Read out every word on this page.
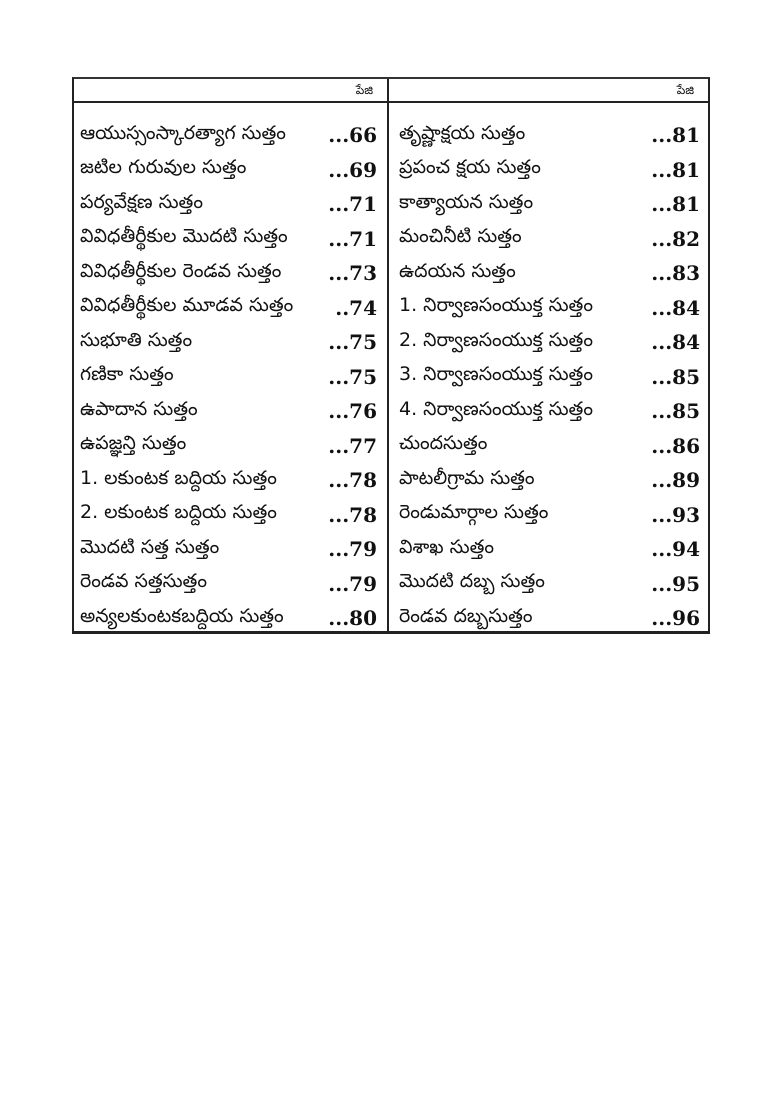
పేజి
ఆయుస్సంస్కారత్యాగ సుత్తం ...66
జటిల గురువుల సుత్తం	...69
పర్యవేక్షణ సుత్తం	...71
వివిధతీర్థీకుల మొదటి సుత్తం ...71
వివిధతీర్థీకుల రెండవ సుత్తం ...73
వివిధతీర్థీకుల మూడవ సుత్తం ..74
సుభూతి సుత్తం	...75
గణికా సుత్తం	...75
ఉపాదాన సుత్తం	...76
ఉపజ్ఞన్తి సుత్తం	...77
1. లకుంటక బద్దియ సుత్తం	...78
2. లకుంటక బద్దియ సుత్తం	...78
మొదటి సత్త సుత్తం	...79
రెండవ సత్తసుత్తం	...79
అన్యలకుంటకబద్దియ సుత్తం ...80
పేజి
తృష్ణాక్షయ సుత్తం	...81
ప్రపంచ క్షయ సుత్తం	...81
కాత్యాయన సుత్తం	...81
మంచినీటి సుత్తం	...82
ఉదయన సుత్తం	...83
1. నిర్వాణసంయుక్త సుత్తం	...84
2. నిర్వాణసంయుక్త సుత్తం	...84
3. నిర్వాణసంయుక్త సుత్తం	...85
4. నిర్వాణసంయుక్త సుత్తం	...85
చుందసుత్తం	...86
పాటలీగ్రామ సుత్తం	...89
రెండుమార్గాల సుత్తం	...93
విశాఖ సుత్తం	...94
మొదటి దబ్బ సుత్తం	...95
రెండవ దబ్బసుత్తం	...96
